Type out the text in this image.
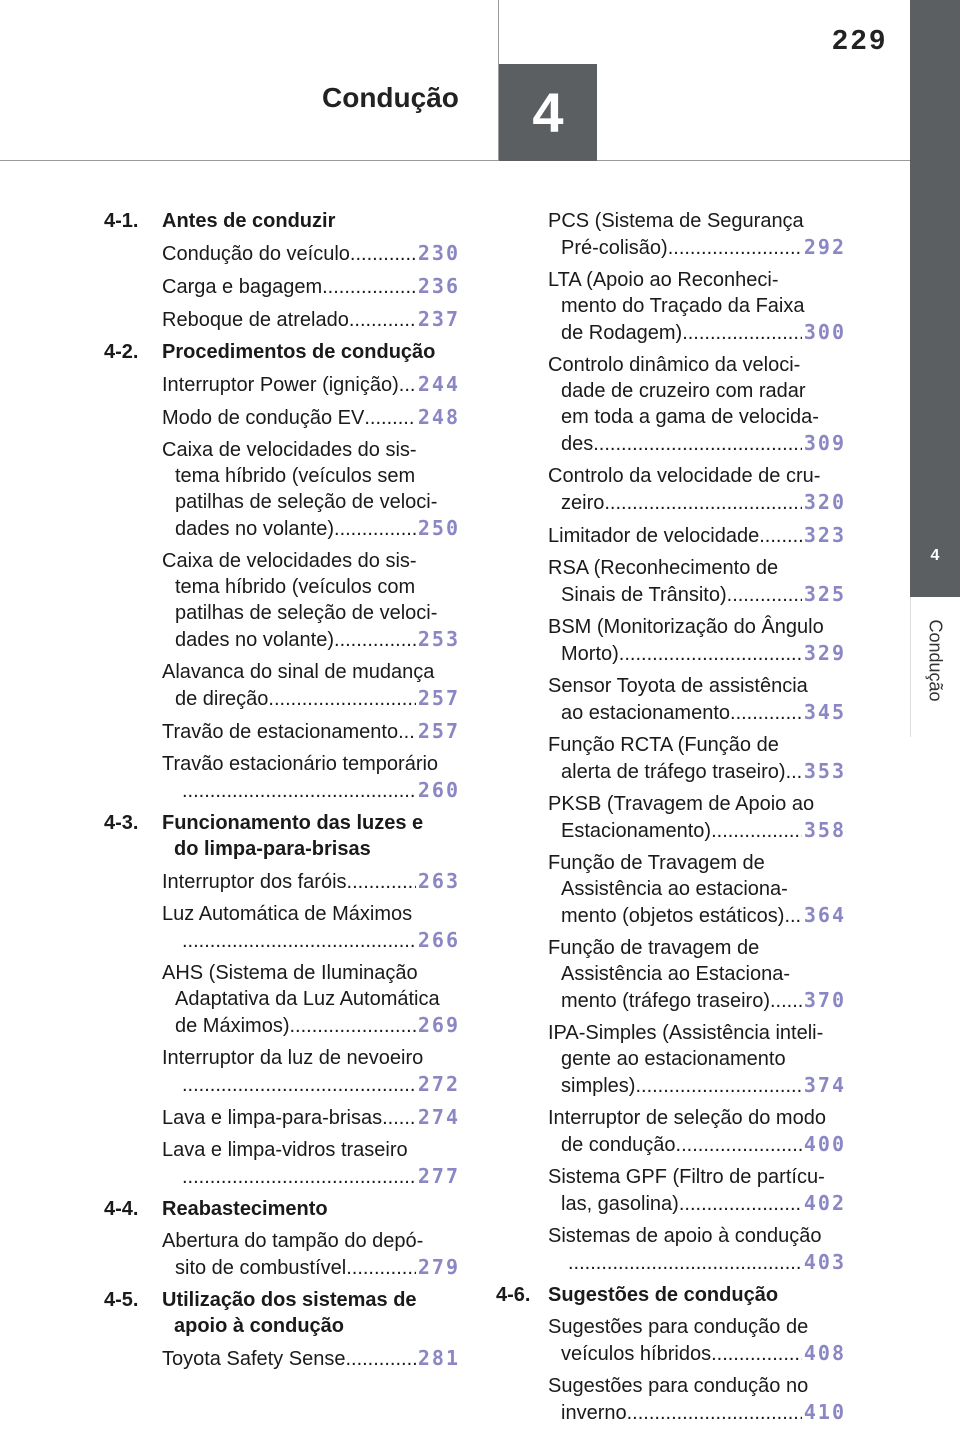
Condução	4
229
4
Condução
4-1.	Antes de conduzir
Condução do veículo .....	230
Carga e bagagem .....	236
Reboque de atrelado .....	237
4-2.	Procedimentos de condução
Interruptor Power (ignição) ..... 244
Modo de condução EV .....	248
Caixa de velocidades do sis-
tema híbrido (veículos sem
patilhas de seleção de veloci-
dades no volante) .....	250
Caixa de velocidades do sis-
tema híbrido (veículos com
patilhas de seleção de veloci-
dades no volante) .....	253
Alavanca do sinal de mudança
de direção .....	257
Travão de estacionamento ..... 257
Travão estacionário temporário
.....
260
4-3.	Funcionamento das luzes e
do limpa-para-brisas
Interruptor dos faróis .....	263
Luz Automática de Máximos
.....
266
AHS (Sistema de Iluminação
Adaptativa da Luz Automática
de Máximos) .....	269
Interruptor da luz de nevoeiro
.....
272
Lava e limpa-para-brisas ..... 274
Lava e limpa-vidros traseiro
.....
277
4-4.	Reabastecimento
Abertura do tampão do depó-
sito de combustível .....	279
4-5.	Utilização dos sistemas de
apoio à condução
Toyota Safety Sense .....	281
PCS (Sistema de Segurança
Pré-colisão) .....	292
LTA (Apoio ao Reconheci-
mento do Traçado da Faixa
de Rodagem) .....	300
Controlo dinâmico da veloci-
dade de cruzeiro com radar
em toda a gama de velocida-
des .....	309
Controlo da velocidade de cru-
zeiro .....	320
Limitador de velocidade ..... 323
RSA (Reconhecimento de
Sinais de Trânsito) .....	325
BSM (Monitorização do Ângulo
Morto) .....	329
Sensor Toyota de assistência
ao estacionamento .....	345
Função RCTA (Função de
alerta de tráfego traseiro) ..... 353
PKSB (Travagem de Apoio ao
Estacionamento) .....	358
Função de Travagem de
Assistência ao estaciona-
mento (objetos estáticos) ..... 364
Função de travagem de
Assistência ao Estaciona-
mento (tráfego traseiro) ..... 370
IPA-Simples (Assistência inteli-
gente ao estacionamento
simples) .....	374
Interruptor de seleção do modo
de condução .....	400
Sistema GPF (Filtro de partícu-
las, gasolina) .....	402
Sistemas de apoio à condução
.....
403
4-6. Sugestões de condução
Sugestões para condução de
veículos híbridos .....	408
Sugestões para condução no
inverno .....	410
